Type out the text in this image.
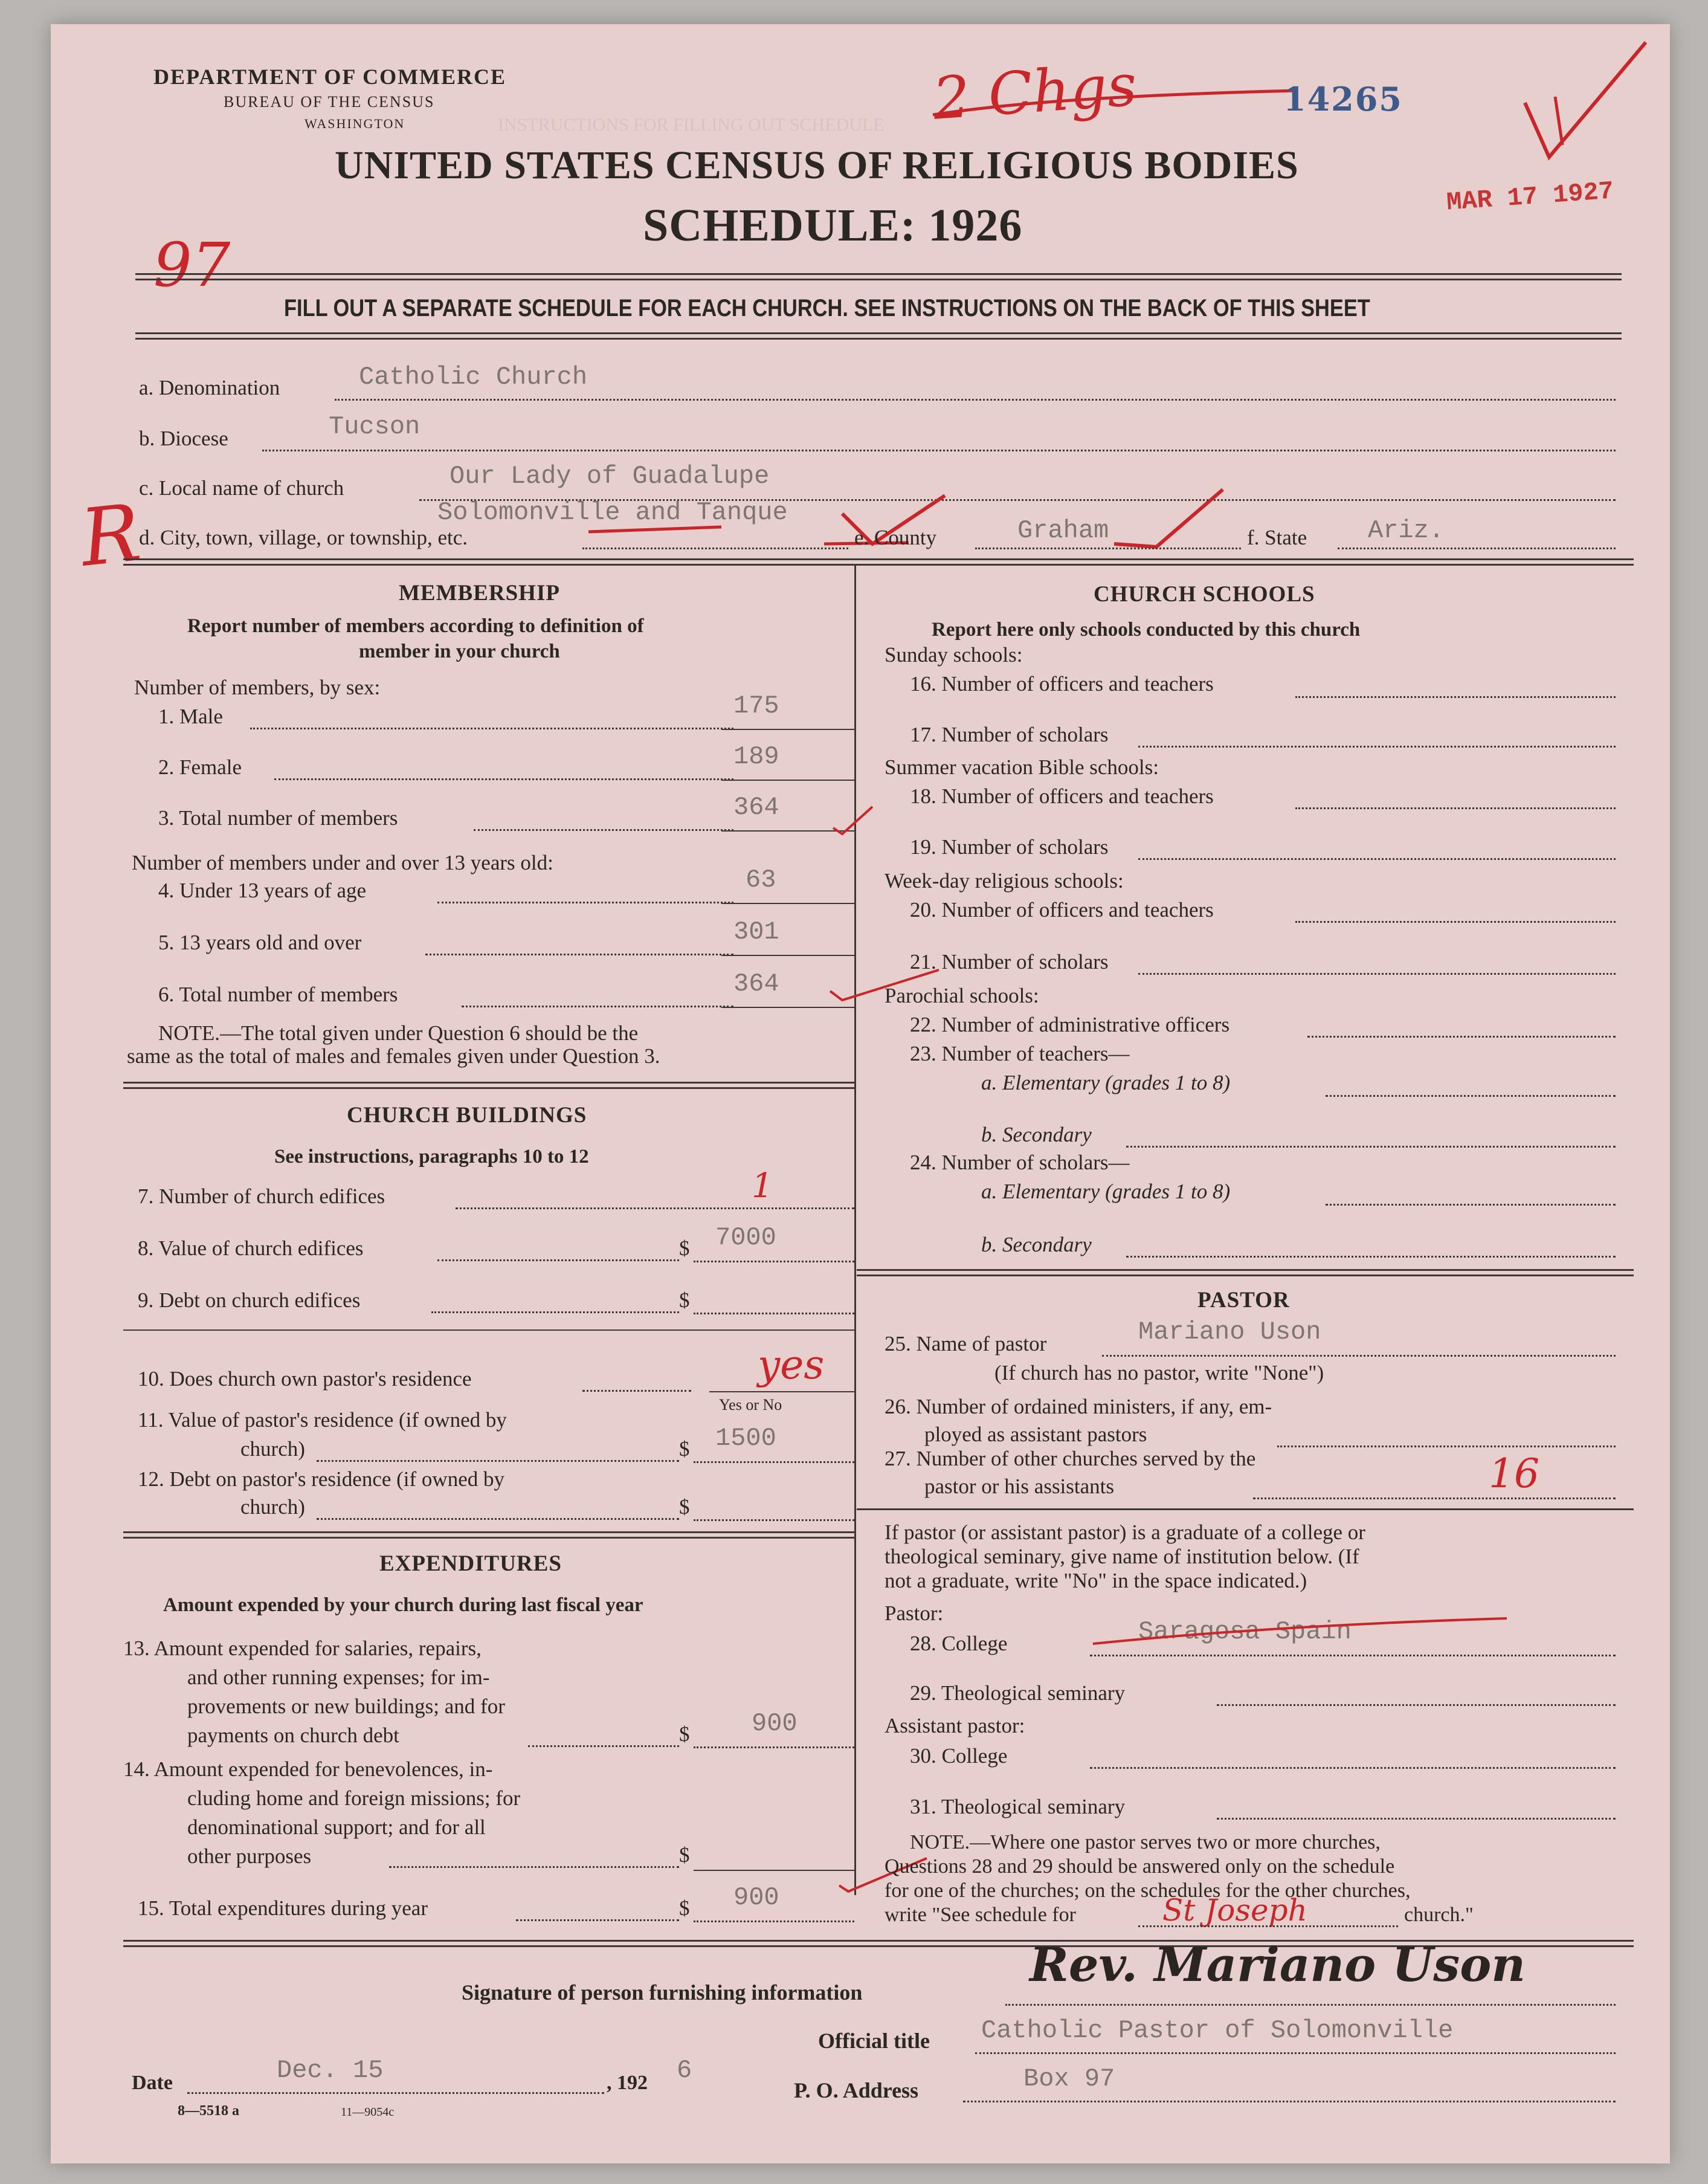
INSTRUCTIONS FOR FILLING OUT SCHEDULE
DEPARTMENT OF COMMERCE
BUREAU OF THE CENSUS
WASHINGTON	2 Chgs	14265
MAR 17 1927
UNITED STATES CENSUS OF RELIGIOUS BODIES
SCHEDULE: 1926
97
FILL OUT A SEPARATE SCHEDULE FOR EACH CHURCH. SEE INSTRUCTIONS ON THE BACK OF THIS SHEET
a. Denomination	Catholic Church
b. Diocese	Tucson
c. Local name of church	Our Lady of Guadalupe
Solomonville and Tanque
R
d. City, town, village, or township, etc.	e. County	Graham	f. State Ariz.
MEMBERSHIP
Report number of members according to definition of
member in your church
Number of members, by sex:
1. Male	175
2. Female	189
3. Total number of members	364
Number of members under and over 13 years old:
4. Under 13 years of age	63
5. 13 years old and over	301
6. Total number of members	364
NOTE.—The total given under Question 6 should be the
same as the total of males and females given under Question 3.
CHURCH BUILDINGS
See instructions, paragraphs 10 to 12
7. Number of church edifices	1
8. Value of church edifices	$ 7000
9. Debt on church edifices	$
10. Does church own pastor's residence	yes
Yes or No
11. Value of pastor's residence (if owned by
church)	$ 1500
12. Debt on pastor's residence (if owned by
church)	$
EXPENDITURES
Amount expended by your church during last fiscal year
13. Amount expended for salaries, repairs,
and other running expenses; for im-
provements or new buildings; and for
payments on church debt	$ 900
14. Amount expended for benevolences, in-
cluding home and foreign missions; for
denominational support; and for all
other purposes	$
15. Total expenditures during year	$ 900
CHURCH SCHOOLS
Report here only schools conducted by this church
Sunday schools:
16. Number of officers and teachers
17. Number of scholars
Summer vacation Bible schools:
18. Number of officers and teachers
19. Number of scholars
Week-day religious schools:
20. Number of officers and teachers
21. Number of scholars
Parochial schools:
22. Number of administrative officers
23. Number of teachers—
a. Elementary (grades 1 to 8)
b. Secondary
24. Number of scholars—
a. Elementary (grades 1 to 8)
b. Secondary
PASTOR
25. Name of pastor	Mariano Uson
(If church has no pastor, write "None")
26. Number of ordained ministers, if any, em-
ployed as assistant pastors
27. Number of other churches served by the
pastor or his assistants	16
If pastor (or assistant pastor) is a graduate of a college or
theological seminary, give name of institution below. (If
not a graduate, write "No" in the space indicated.)
Pastor:
28. College	Saragosa Spain
29. Theological seminary
Assistant pastor:
30. College
31. Theological seminary
NOTE.—Where one pastor serves two or more churches,
Questions 28 and 29 should be answered only on the schedule
for one of the churches; on the schedules for the other churches,
write "See schedule for	St Joseph	church."
Signature of person furnishing information	Rev. Mariano Uson
Official title Catholic Pastor of Solomonville
Date	Dec. 15	, 192 6
P. O. Address	Box 97
8—5518 a	11—9054c
